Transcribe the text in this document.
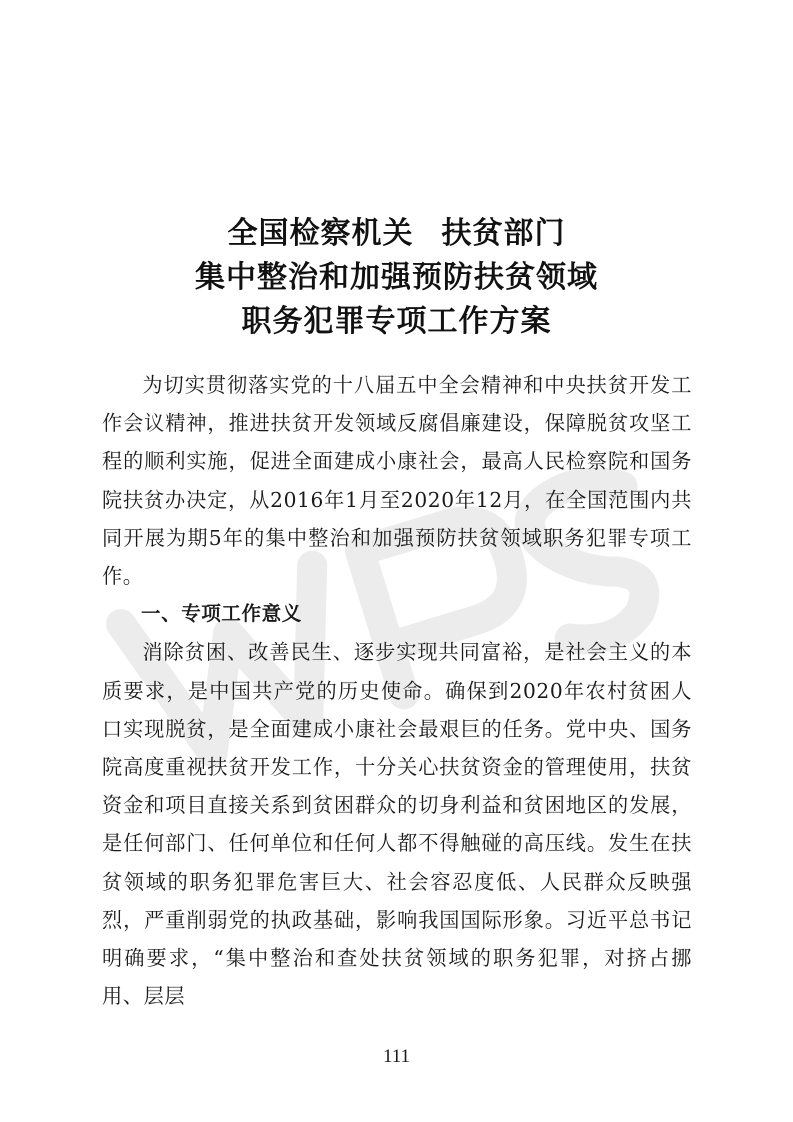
全国检察机关 扶贫部门
集中整治和加强预防扶贫领域
职务犯罪专项工作方案

为切实贯彻落实党的十八届五中全会精神和中央扶贫开发工作会议精神，推进扶贫开发领域反腐倡廉建设，保障脱贫攻坚工程的顺利实施，促进全面建成小康社会，最高人民检察院和国务院扶贫办决定，从2016年1月至2020年12月，在全国范围内共同开展为期5年的集中整治和加强预防扶贫领域职务犯罪专项工作。

一、专项工作意义

消除贫困、改善民生、逐步实现共同富裕，是社会主义的本质要求，是中国共产党的历史使命。确保到2020年农村贫困人口实现脱贫，是全面建成小康社会最艰巨的任务。党中央、国务院高度重视扶贫开发工作，十分关心扶贫资金的管理使用，扶贫资金和项目直接关系到贫困群众的切身利益和贫困地区的发展，是任何部门、任何单位和任何人都不得触碰的高压线。发生在扶贫领域的职务犯罪危害巨大、社会容忍度低、人民群众反映强烈，严重削弱党的执政基础，影响我国国际形象。习近平总书记明确要求，“集中整治和查处扶贫领域的职务犯罪，对挤占挪用、层层

111
